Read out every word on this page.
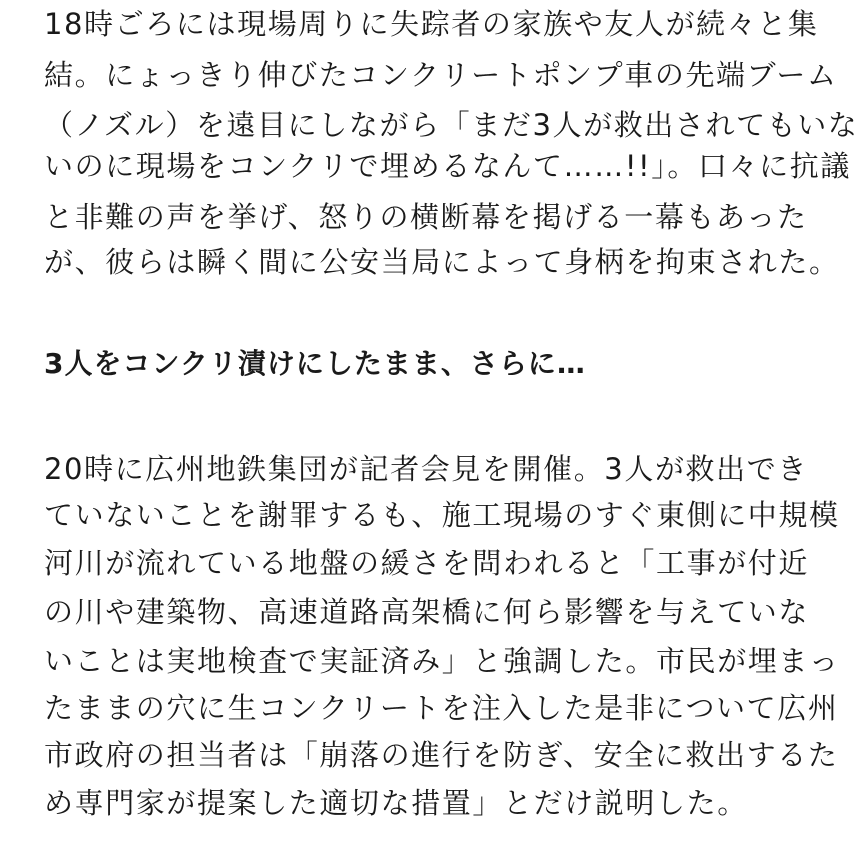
18時ごろには現場周りに失踪者の家族や友人が続々と集
結。にょっきり伸びたコンクリートポンプ車の先端ブーム
（ノズル）を遠目にしながら「まだ3人が救出されてもいな
いのに現場をコンクリで埋めるなんて……!!」。口々に抗議
と非難の声を挙げ、怒りの横断幕を掲げる一幕もあった
が、彼らは瞬く間に公安当局によって身柄を拘束された。
3人をコンクリ漬けにしたまま、さらに…
20時に広州地鉄集団が記者会見を開催。3人が救出でき
ていないことを謝罪するも、施工現場のすぐ東側に中規模
河川が流れている地盤の緩さを問われると「工事が付近
の川や建築物、高速道路高架橋に何ら影響を与えていな
いことは実地検査で実証済み」と強調した。市民が埋まっ
たままの穴に生コンクリートを注入した是非について広州
市政府の担当者は「崩落の進行を防ぎ、安全に救出するた
め専門家が提案した適切な措置」とだけ説明した。
